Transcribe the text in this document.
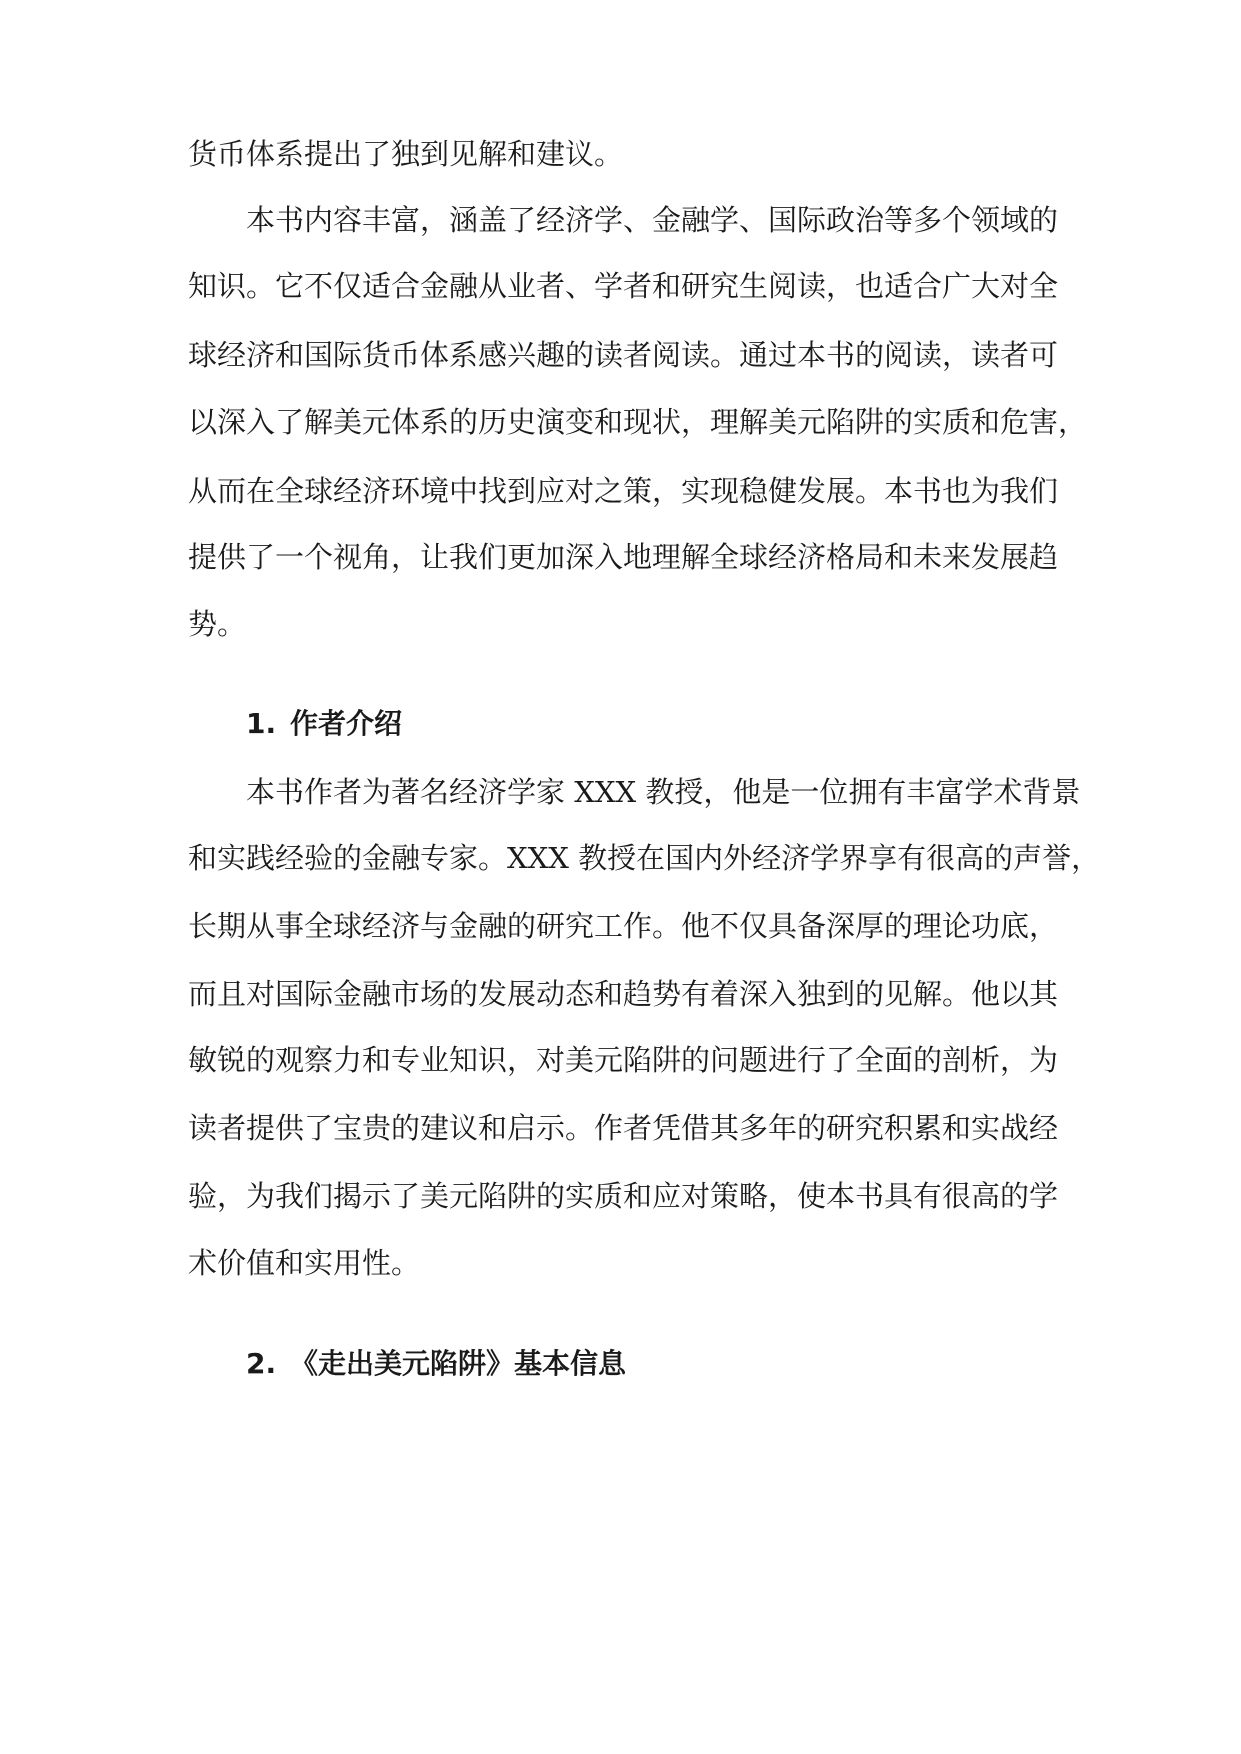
货币体系提出了独到见解和建议。
本书内容丰富，涵盖了经济学、金融学、国际政治等多个领域的
知识。它不仅适合金融从业者、学者和研究生阅读，也适合广大对全
球经济和国际货币体系感兴趣的读者阅读。通过本书的阅读，读者可
以深入了解美元体系的历史演变和现状，理解美元陷阱的实质和危害，
从而在全球经济环境中找到应对之策，实现稳健发展。本书也为我们
提供了一个视角，让我们更加深入地理解全球经济格局和未来发展趋
势。
1. 作者介绍
本书作者为著名经济学家 XXX 教授，他是一位拥有丰富学术背景
和实践经验的金融专家。XXX 教授在国内外经济学界享有很高的声誉，
长期从事全球经济与金融的研究工作。他不仅具备深厚的理论功底，
而且对国际金融市场的发展动态和趋势有着深入独到的见解。他以其
敏锐的观察力和专业知识，对美元陷阱的问题进行了全面的剖析，为
读者提供了宝贵的建议和启示。作者凭借其多年的研究积累和实战经
验，为我们揭示了美元陷阱的实质和应对策略，使本书具有很高的学
术价值和实用性。
2. 《走出美元陷阱》基本信息
